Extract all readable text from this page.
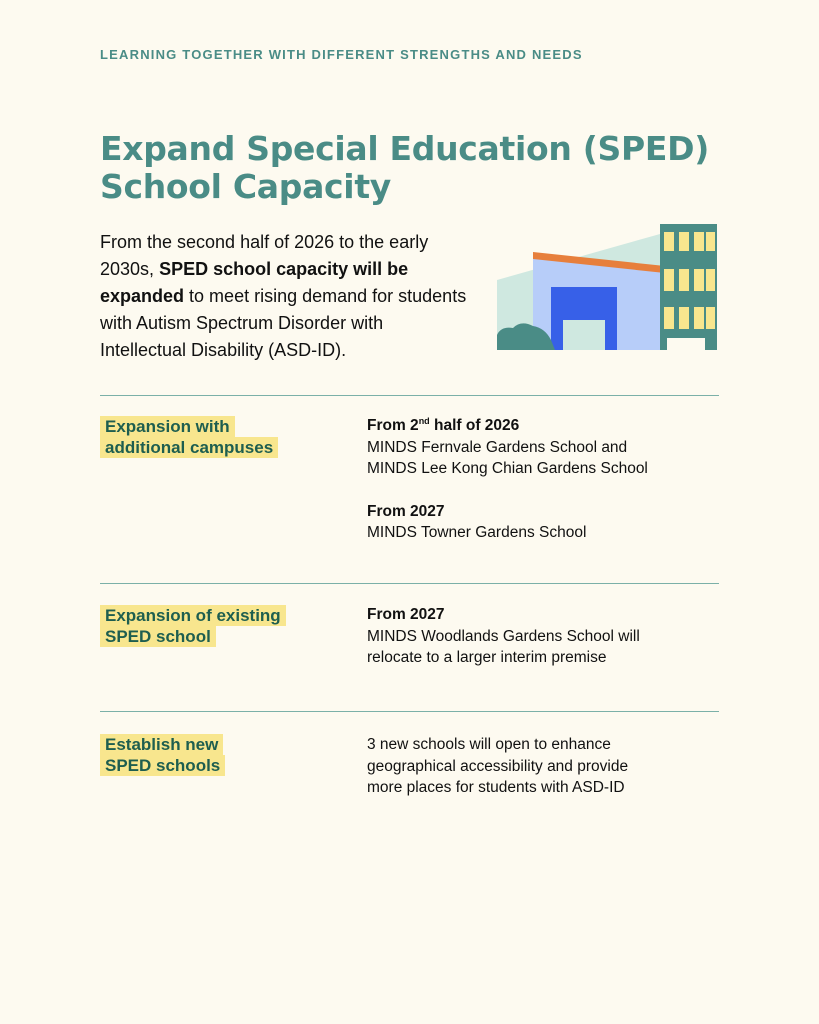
LEARNING TOGETHER WITH DIFFERENT STRENGTHS AND NEEDS
Expand Special Education (SPED)
School Capacity

From the second half of 2026 to the early 2030s, SPED school capacity will be expanded to meet rising demand for students with Autism Spectrum Disorder with Intellectual Disability (ASD-ID).

Expansion with
additional campuses
From 2nd half of 2026
MINDS Fernvale Gardens School and
MINDS Lee Kong Chian Gardens School
From 2027
MINDS Towner Gardens School
Expansion of existing
SPED school
From 2027
MINDS Woodlands Gardens School will
relocate to a larger interim premise
Establish new
SPED schools
3 new schools will open to enhance
geographical accessibility and provide
more places for students with ASD-ID
